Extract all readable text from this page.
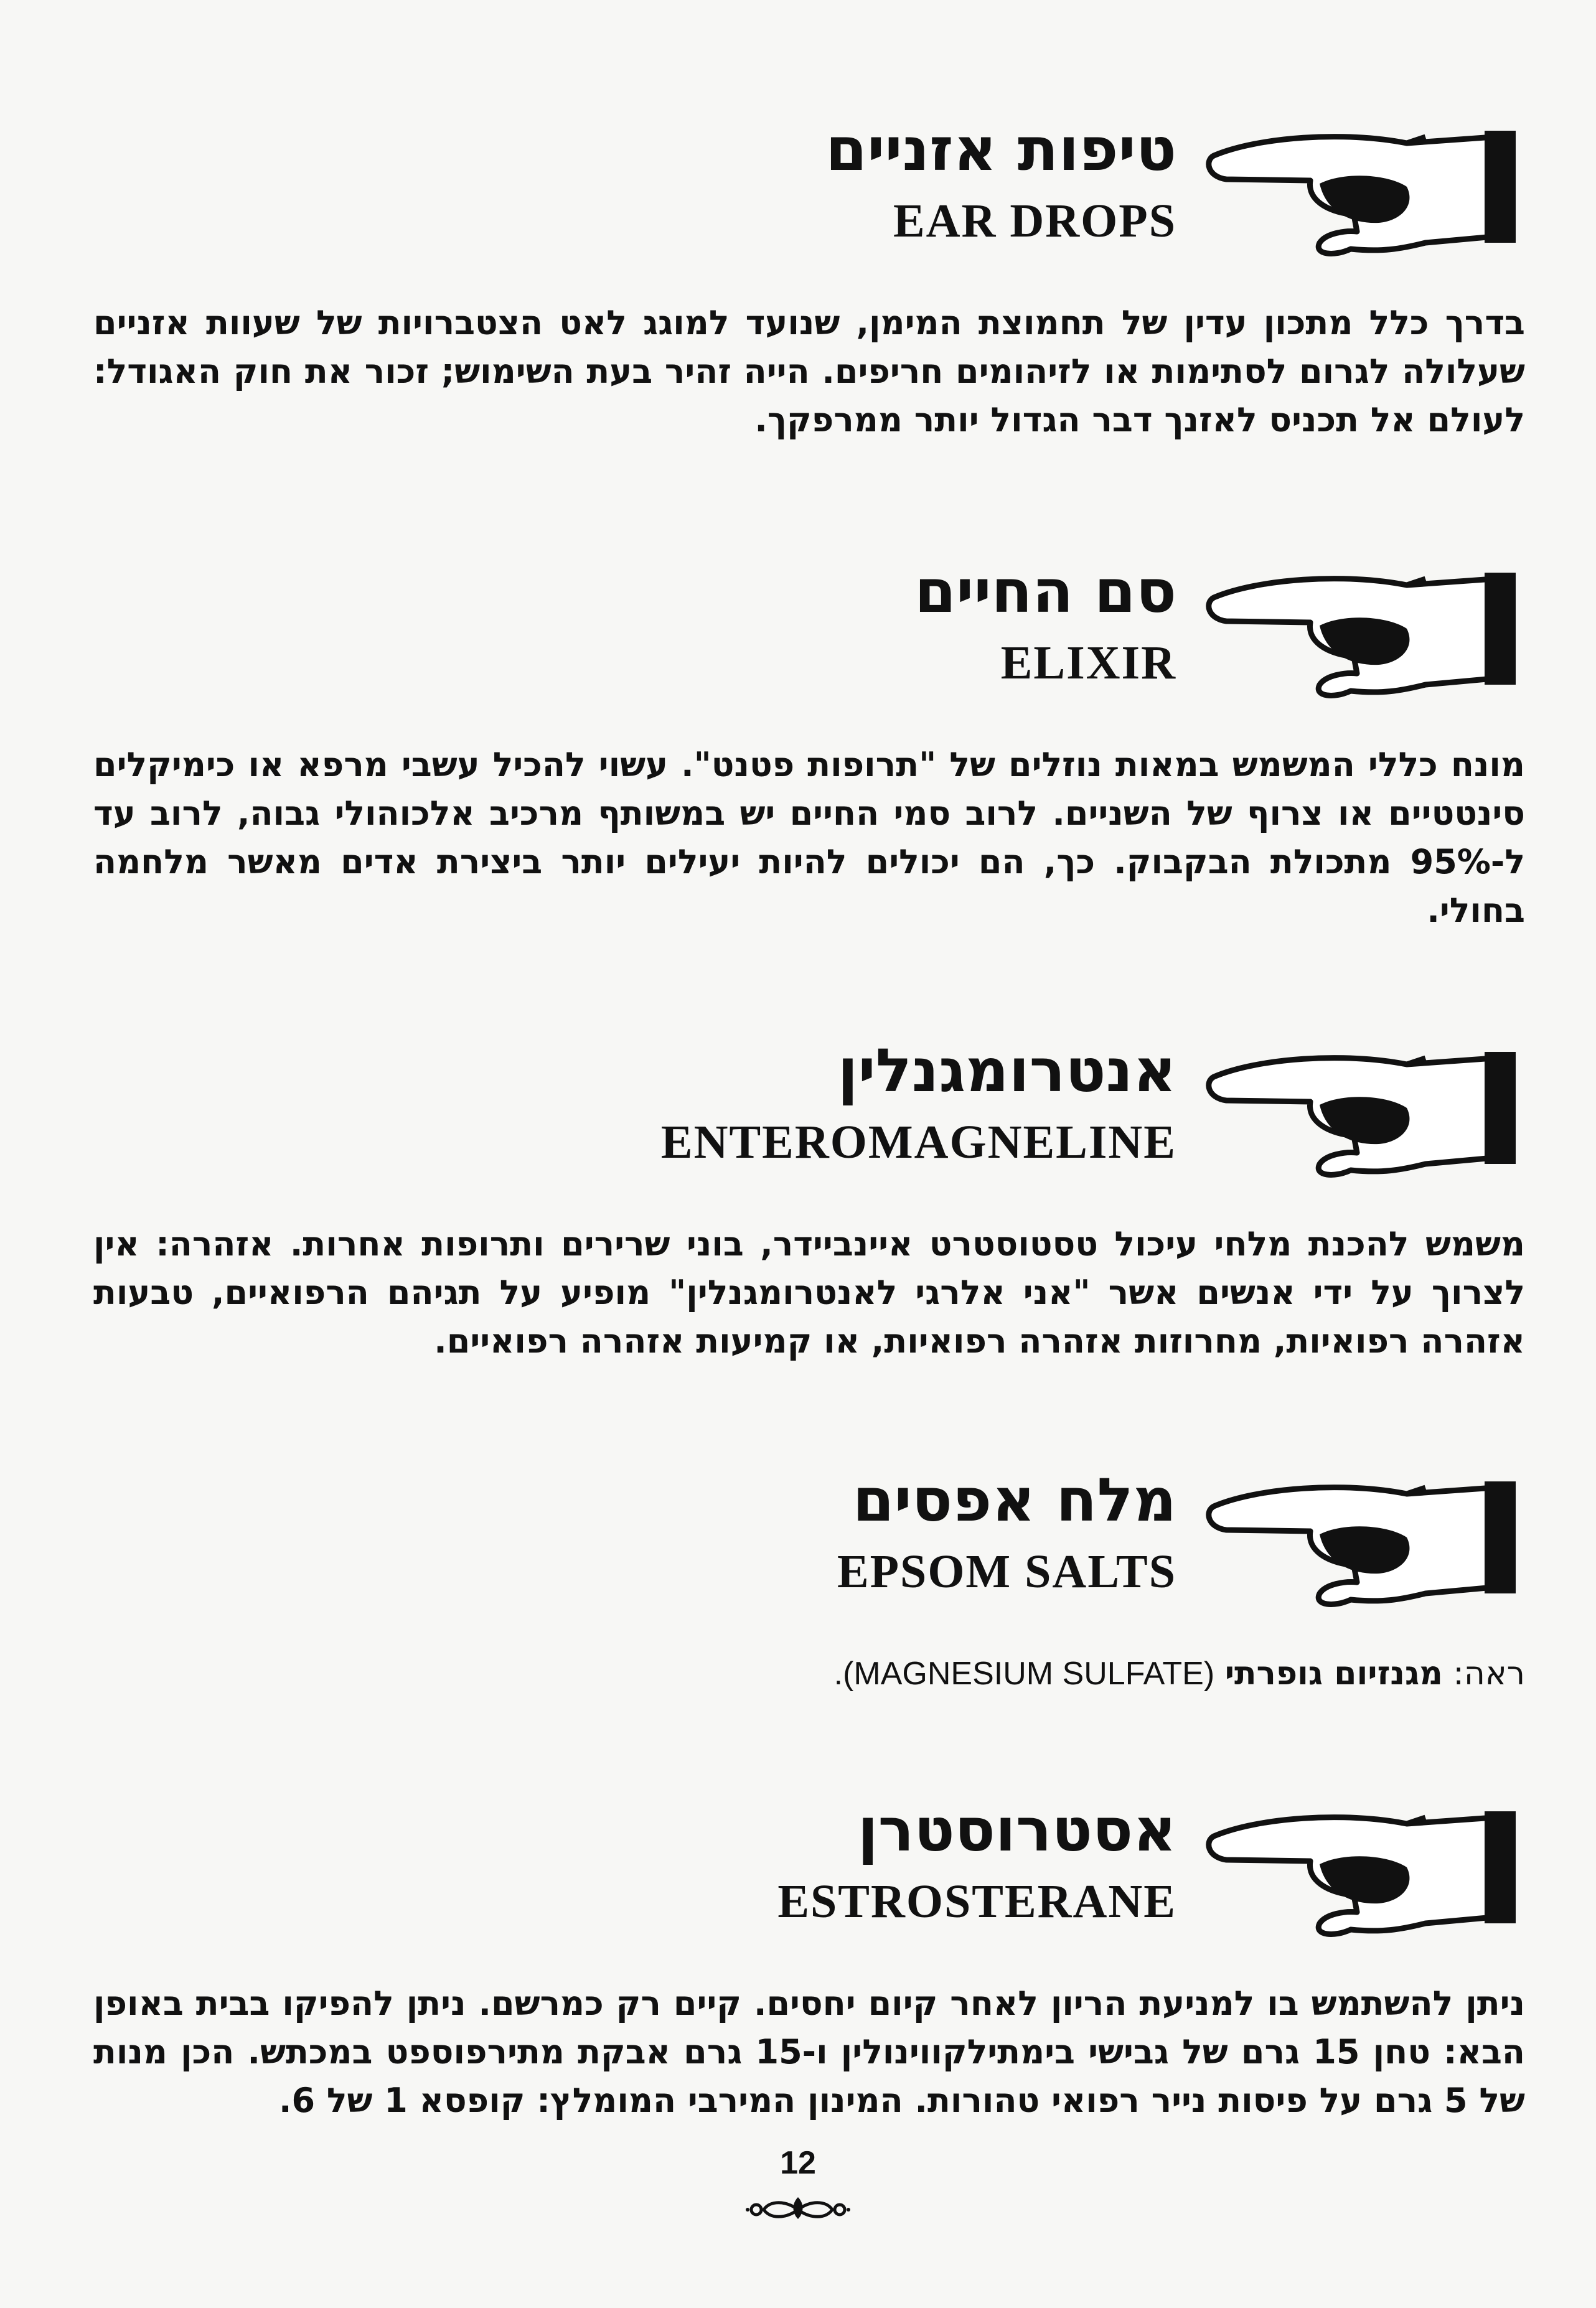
טיפות אזניים
EAR DROPS
בדרך כלל מתכון עדין של תחמוצת המימן, שנועד למוגג לאט הצטברויות של שעוות אזניים שעלולה לגרום לסתימות או לזיהומים חריפים. הייה זהיר בעת השימוש; זכור את חוק האגודל: לעולם אל תכניס לאזנך דבר הגדול יותר ממרפקך.
סם החיים
ELIXIR
מונח כללי המשמש במאות נוזלים של "תרופות פטנט". עשוי להכיל עשבי מרפא או כימיקלים סינטטיים או צרוף של השניים. לרוב סמי החיים יש במשותף מרכיב אלכוהולי גבוה, לרוב עד ל-95% מתכולת הבקבוק. כך, הם יכולים להיות יעילים יותר ביצירת אדים מאשר מלחמה בחולי.
אנטרומגנלין
ENTEROMAGNELINE
משמש להכנת מלחי עיכול טסטוסטרט איינביידר, בוני שרירים ותרופות אחרות. אזהרה: אין לצרוך על ידי אנשים אשר "אני אלרגי לאנטרומגנלין" מופיע על תגיהם הרפואיים, טבעות אזהרה רפואיות, מחרוזות אזהרה רפואיות, או קמיעות אזהרה רפואיים.
מלח אפסים
EPSOM SALTS
ראה: מגנזיום גופרתי (MAGNESIUM SULFATE).
אסטרוסטרן
ESTROSTERANE
ניתן להשתמש בו למניעת הריון לאחר קיום יחסים. קיים רק כמרשם. ניתן להפיקו בבית באופן הבא: טחן 15 גרם של גבישי בימתילקווינולין ו-15 גרם אבקת מתירפוספט במכתש. הכן מנות של 5 גרם על פיסות נייר רפואי טהורות. המינון המירבי המומלץ: קופסא 1 של 6.
12
